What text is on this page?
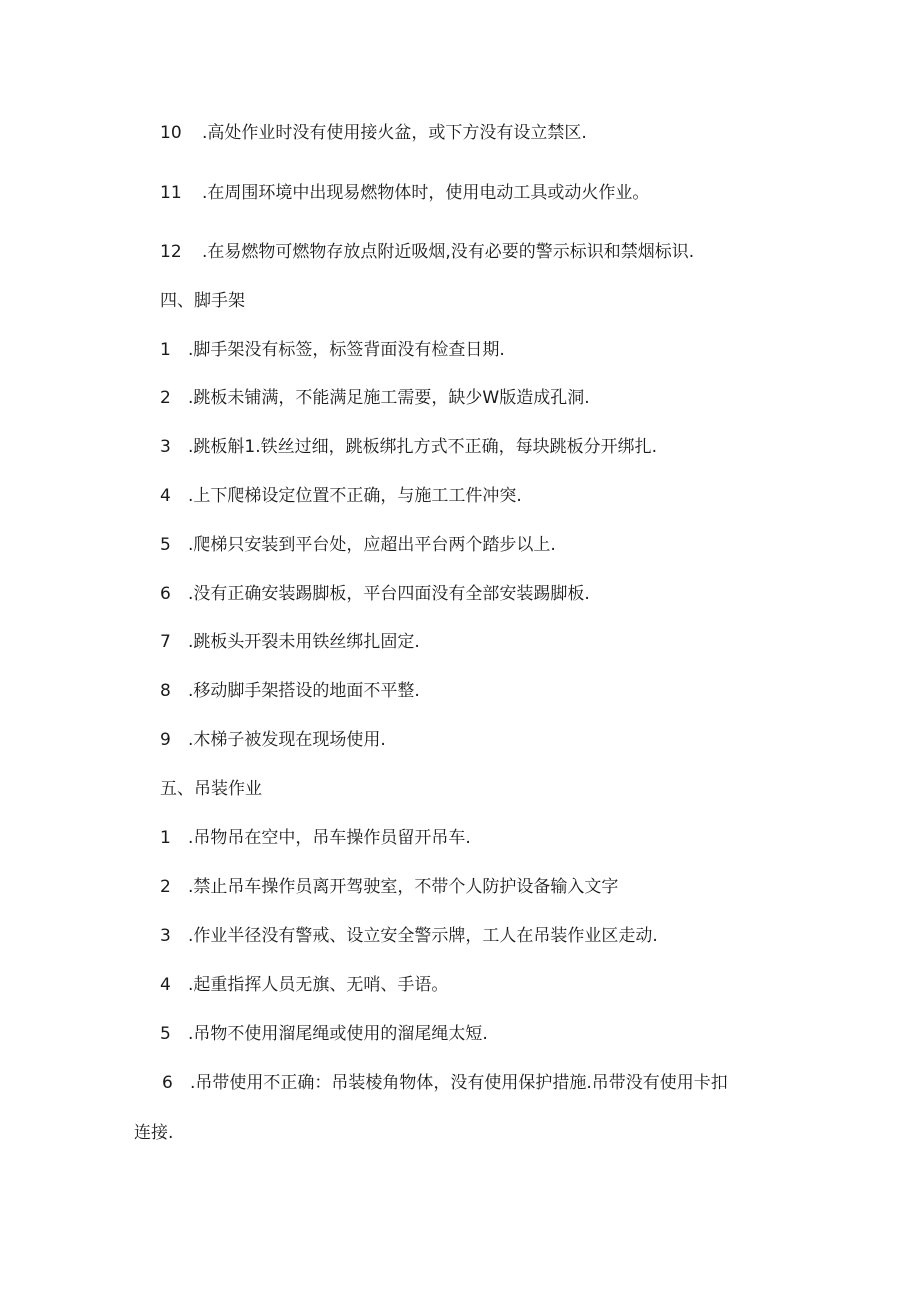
10 .高处作业时没有使用接火盆，或下方没有设立禁区.
11 .在周围环境中出现易燃物体时，使用电动工具或动火作业。
12 .在易燃物可燃物存放点附近吸烟,没有必要的警示标识和禁烟标识.
四、脚手架
1 .脚手架没有标签，标签背面没有检查日期.
2 .跳板未铺满，不能满足施工需要，缺少W版造成孔洞.
3 .跳板斛1.铁丝过细，跳板绑扎方式不正确，每块跳板分开绑扎.
4 .上下爬梯设定位置不正确，与施工工件冲突.
5 .爬梯只安装到平台处，应超出平台两个踏步以上.
6 .没有正确安装踢脚板，平台四面没有全部安装踢脚板.
7 .跳板头开裂未用铁丝绑扎固定.
8 .移动脚手架搭设的地面不平整.
9 .木梯子被发现在现场使用.
五、吊装作业
1 .吊物吊在空中，吊车操作员留开吊车.
2 .禁止吊车操作员离开驾驶室，不带个人防护设备输入文字
3 .作业半径没有警戒、设立安全警示牌，工人在吊装作业区走动.
4 .起重指挥人员无旗、无哨、手语。
5 .吊物不使用溜尾绳或使用的溜尾绳太短.
6 .吊带使用不正确：吊装棱角物体，没有使用保护措施.吊带没有使用卡扣
连接.
